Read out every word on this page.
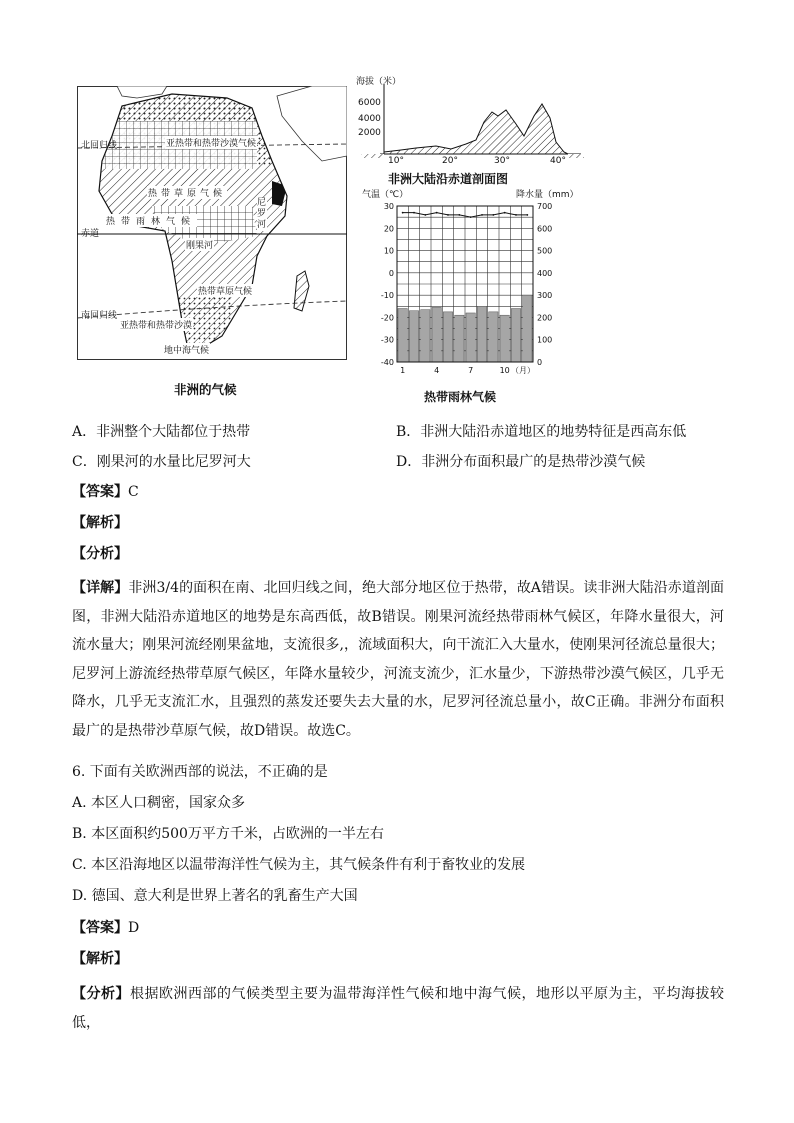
北回归线
赤道
南回归线
亚热带和热带沙漠气候
热带草原气候
热带雨林气候
热带草原气候
亚热带和热带沙漠
地中海气候
尼罗河
刚果河
非洲的气候
海拔（米）
6000
4000
2000
10°	20°	30°	40°
非洲大陆沿赤道剖面图
气温（℃）	降水量（mm）
30
20
10
0
-10
-20
-30
-40
700
600
500
400
300
200
100
0
1	4	7	10 （月）
热带雨林气候
A．非洲整个大陆都位于热带	B．非洲大陆沿赤道地区的地势特征是西高东低
C．刚果河的水量比尼罗河大	D．非洲分布面积最广的是热带沙漠气候
【答案】C
【解析】
【分析】
【详解】非洲3/4的面积在南、北回归线之间，绝大部分地区位于热带，故A错误。读非洲大陆沿赤道剖面图，非洲大陆沿赤道地区的地势是东高西低，故B错误。刚果河流经热带雨林气候区，年降水量很大，河流水量大；刚果河流经刚果盆地，支流很多,，流域面积大，向干流汇入大量水，使刚果河径流总量很大；尼罗河上游流经热带草原气候区，年降水量较少，河流支流少，汇水量少，下游热带沙漠气候区，几乎无降水，几乎无支流汇水，且强烈的蒸发还要失去大量的水，尼罗河径流总量小，故C正确。非洲分布面积最广的是热带沙草原气候，故D错误。故选C。
6. 下面有关欧洲西部的说法，不正确的是
A. 本区人口稠密，国家众多
B. 本区面积约500万平方千米，占欧洲的一半左右
C. 本区沿海地区以温带海洋性气候为主，其气候条件有利于畜牧业的发展
D. 德国、意大利是世界上著名的乳畜生产大国
【答案】D
【解析】
【分析】根据欧洲西部的气候类型主要为温带海洋性气候和地中海气候，地形以平原为主，平均海拔较低，
